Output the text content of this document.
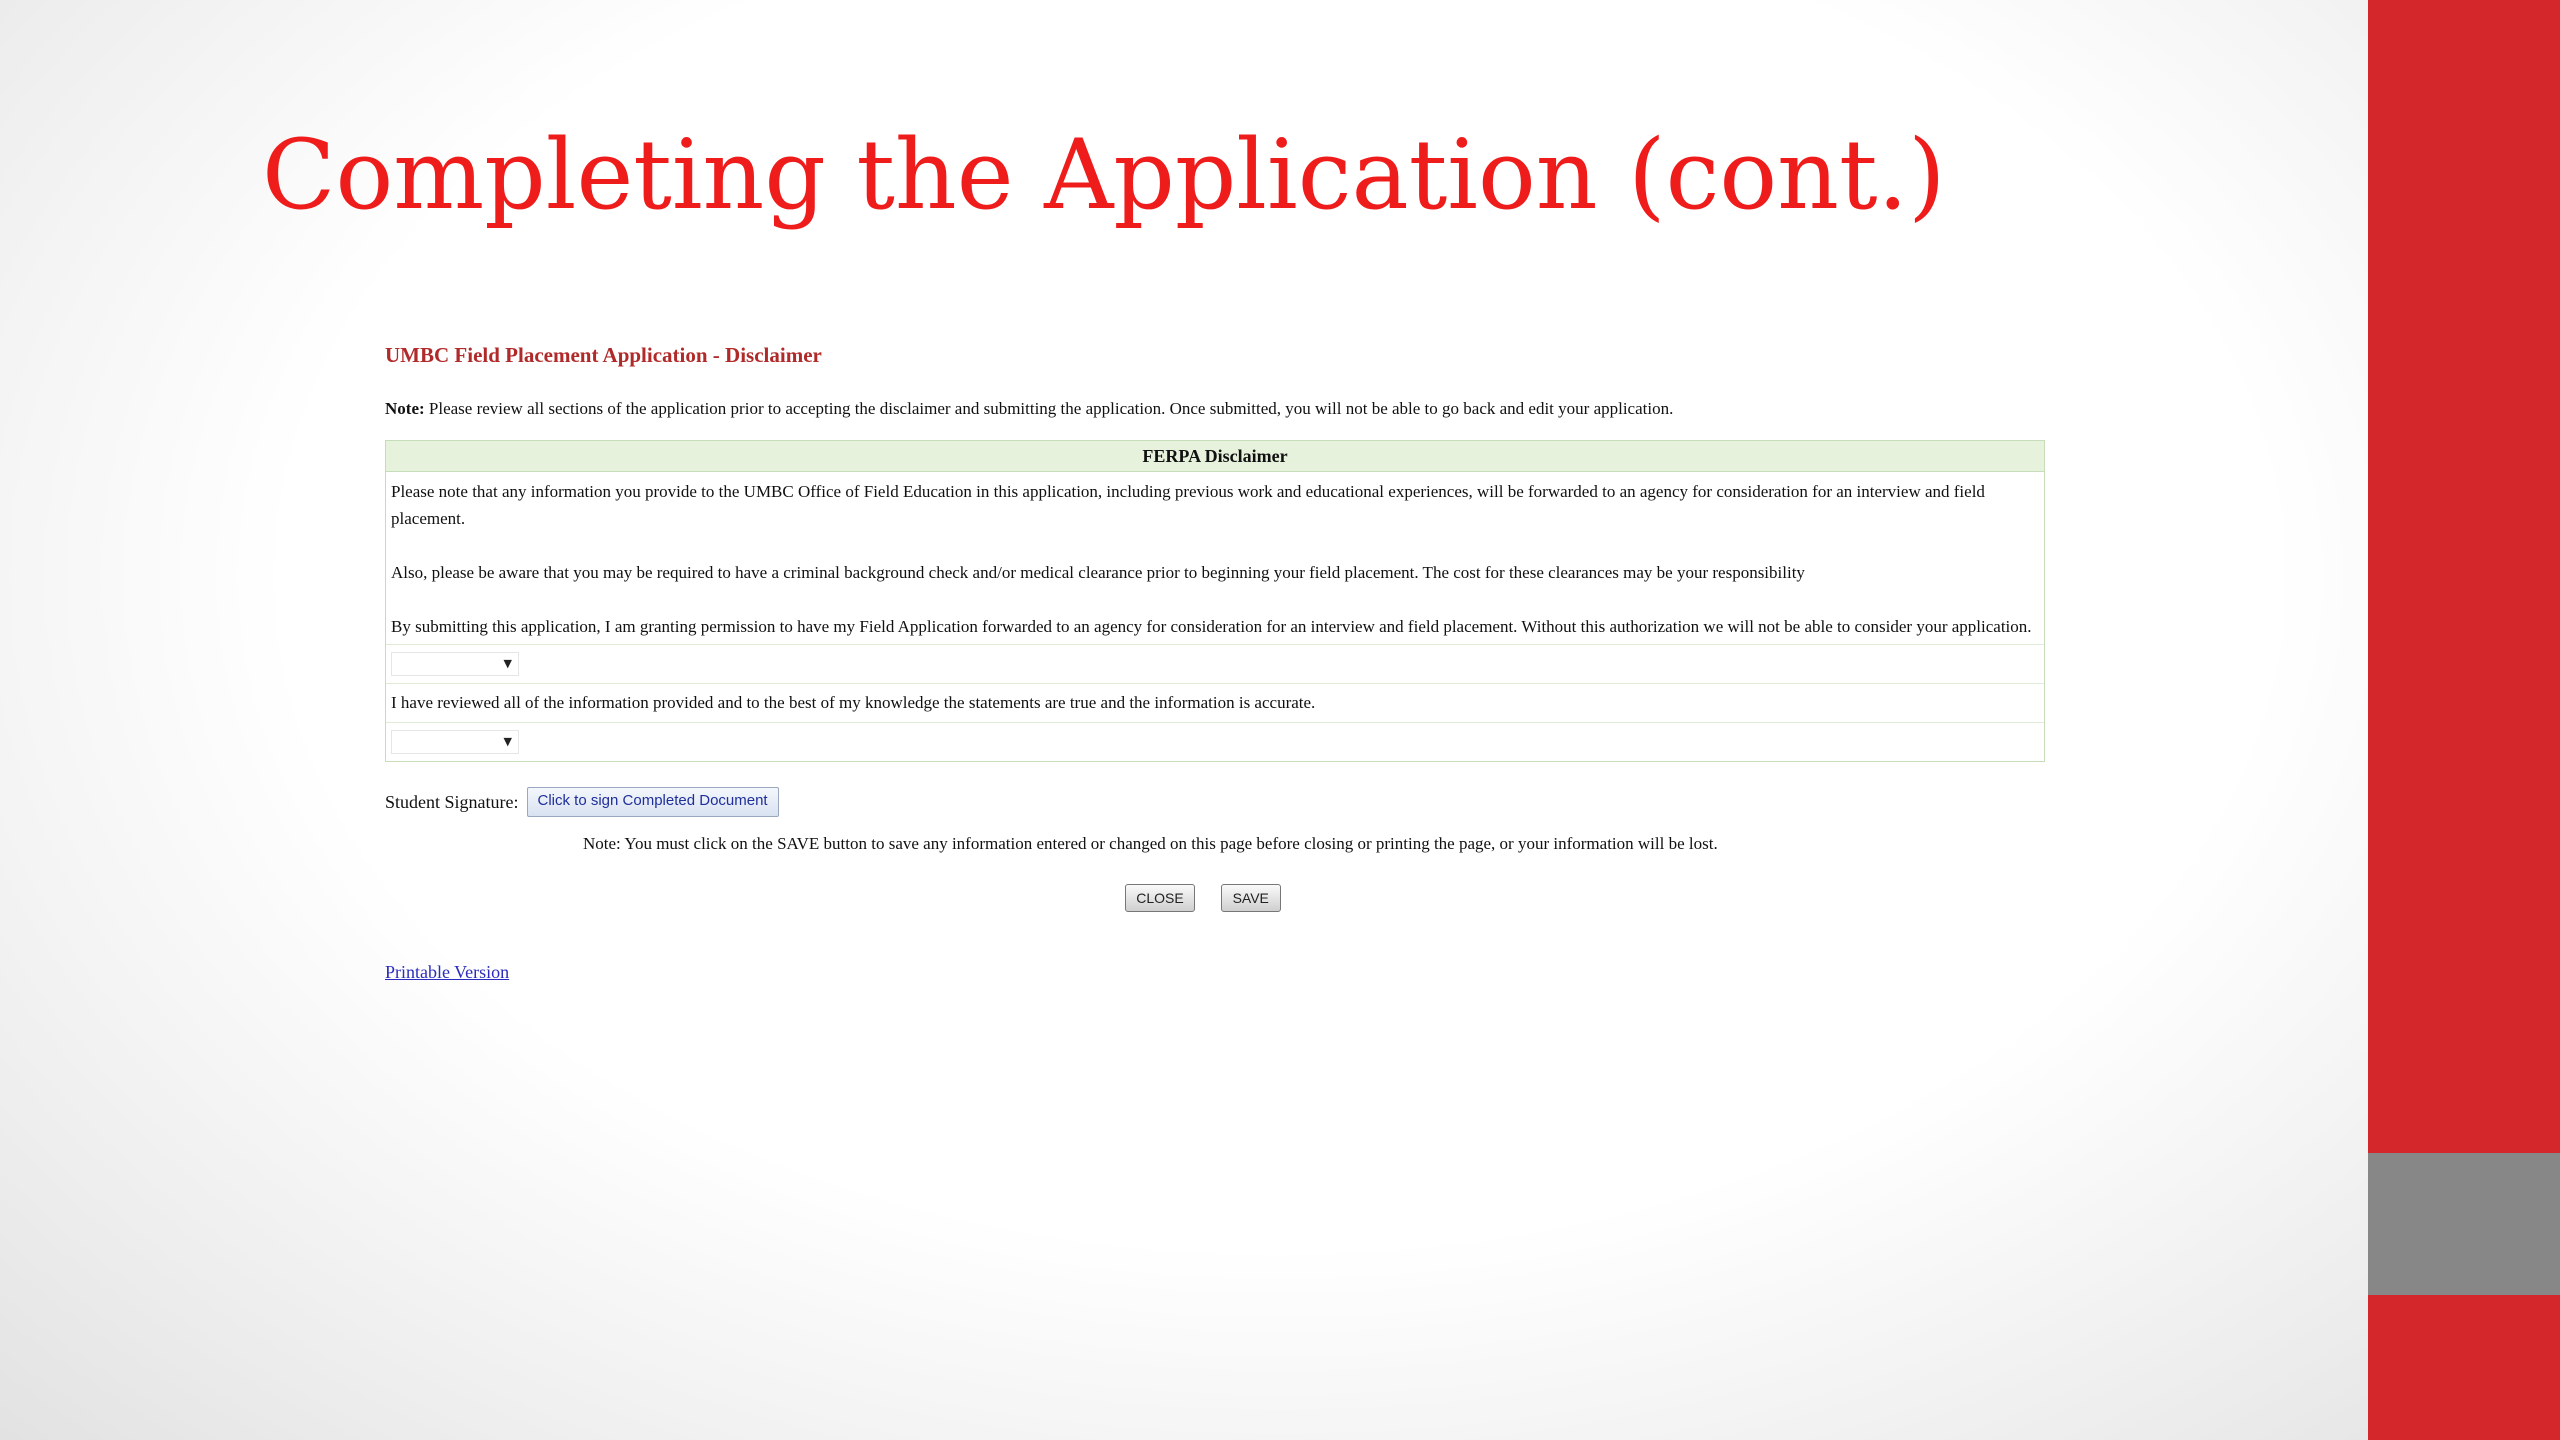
Completing the Application (cont.)
UMBC Field Placement Application - Disclaimer
Note: Please review all sections of the application prior to accepting the disclaimer and submitting the application. Once submitted, you will not be able to go back and edit your application.
FERPA Disclaimer

Please note that any information you provide to the UMBC Office of Field Education in this application, including previous work and educational experiences, will be forwarded to an agency for consideration for an interview and field placement.

Also, please be aware that you may be required to have a criminal background check and/or medical clearance prior to beginning your field placement. The cost for these clearances may be your responsibility

By submitting this application, I am granting permission to have my Field Application forwarded to an agency for consideration for an interview and field placement. Without this authorization we will not be able to consider your application.

▼
I have reviewed all of the information provided and to the best of my knowledge the statements are true and the information is accurate.
▼
Student Signature:	Click to sign Completed Document
Note: You must click on the SAVE button to save any information entered or changed on this page before closing or printing the page, or your information will be lost.
CLOSE	SAVE
Printable Version
